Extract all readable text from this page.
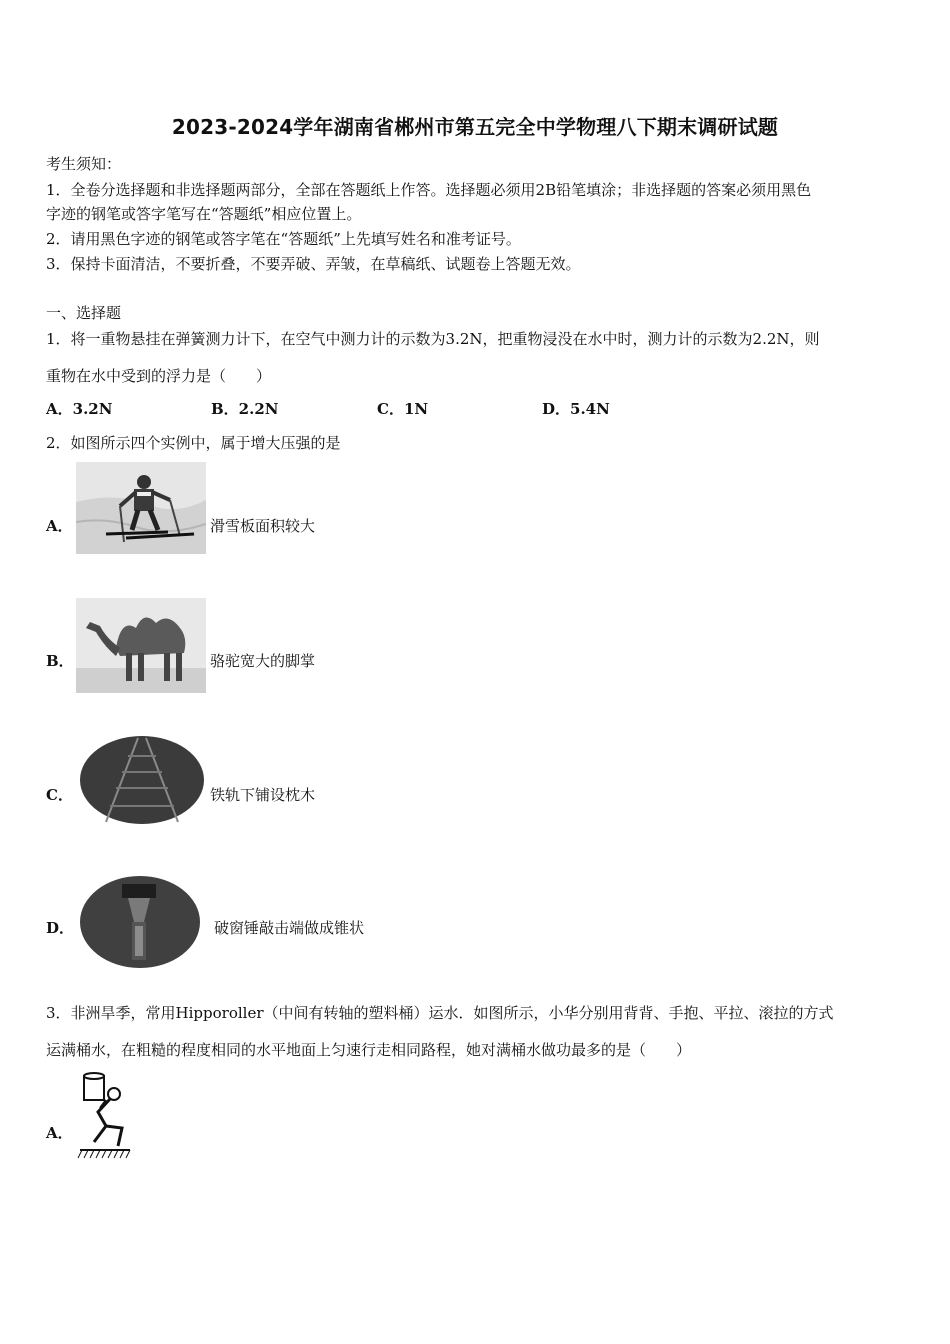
2023-2024学年湖南省郴州市第五完全中学物理八下期末调研试题
考生须知：
1．全卷分选择题和非选择题两部分，全部在答题纸上作答。选择题必须用2B铅笔填涂；非选择题的答案必须用黑色
字迹的钢笔或答字笔写在“答题纸”相应位置上。
2．请用黑色字迹的钢笔或答字笔在“答题纸”上先填写姓名和准考证号。
3．保持卡面清洁，不要折叠，不要弄破、弄皱，在草稿纸、试题卷上答题无效。
一、选择题
1．将一重物悬挂在弹簧测力计下，在空气中测力计的示数为3.2N，把重物浸没在水中时，测力计的示数为2.2N，则
重物在水中受到的浮力是（　　）
A．3.2N	B．2.2N	C．1N	D．5.4N
2．如图所示四个实例中，属于增大压强的是
A．	滑雪板面积较大
B．	骆驼宽大的脚掌
C．	铁轨下铺设枕木
D．	破窗锤敲击端做成锥状
3．非洲旱季，常用Hipporoller（中间有转轴的塑料桶）运水．如图所示，小华分别用背背、手抱、平拉、滚拉的方式
运满桶水，在粗糙的程度相同的水平地面上匀速行走相同路程，她对满桶水做功最多的是（　　）
A．
